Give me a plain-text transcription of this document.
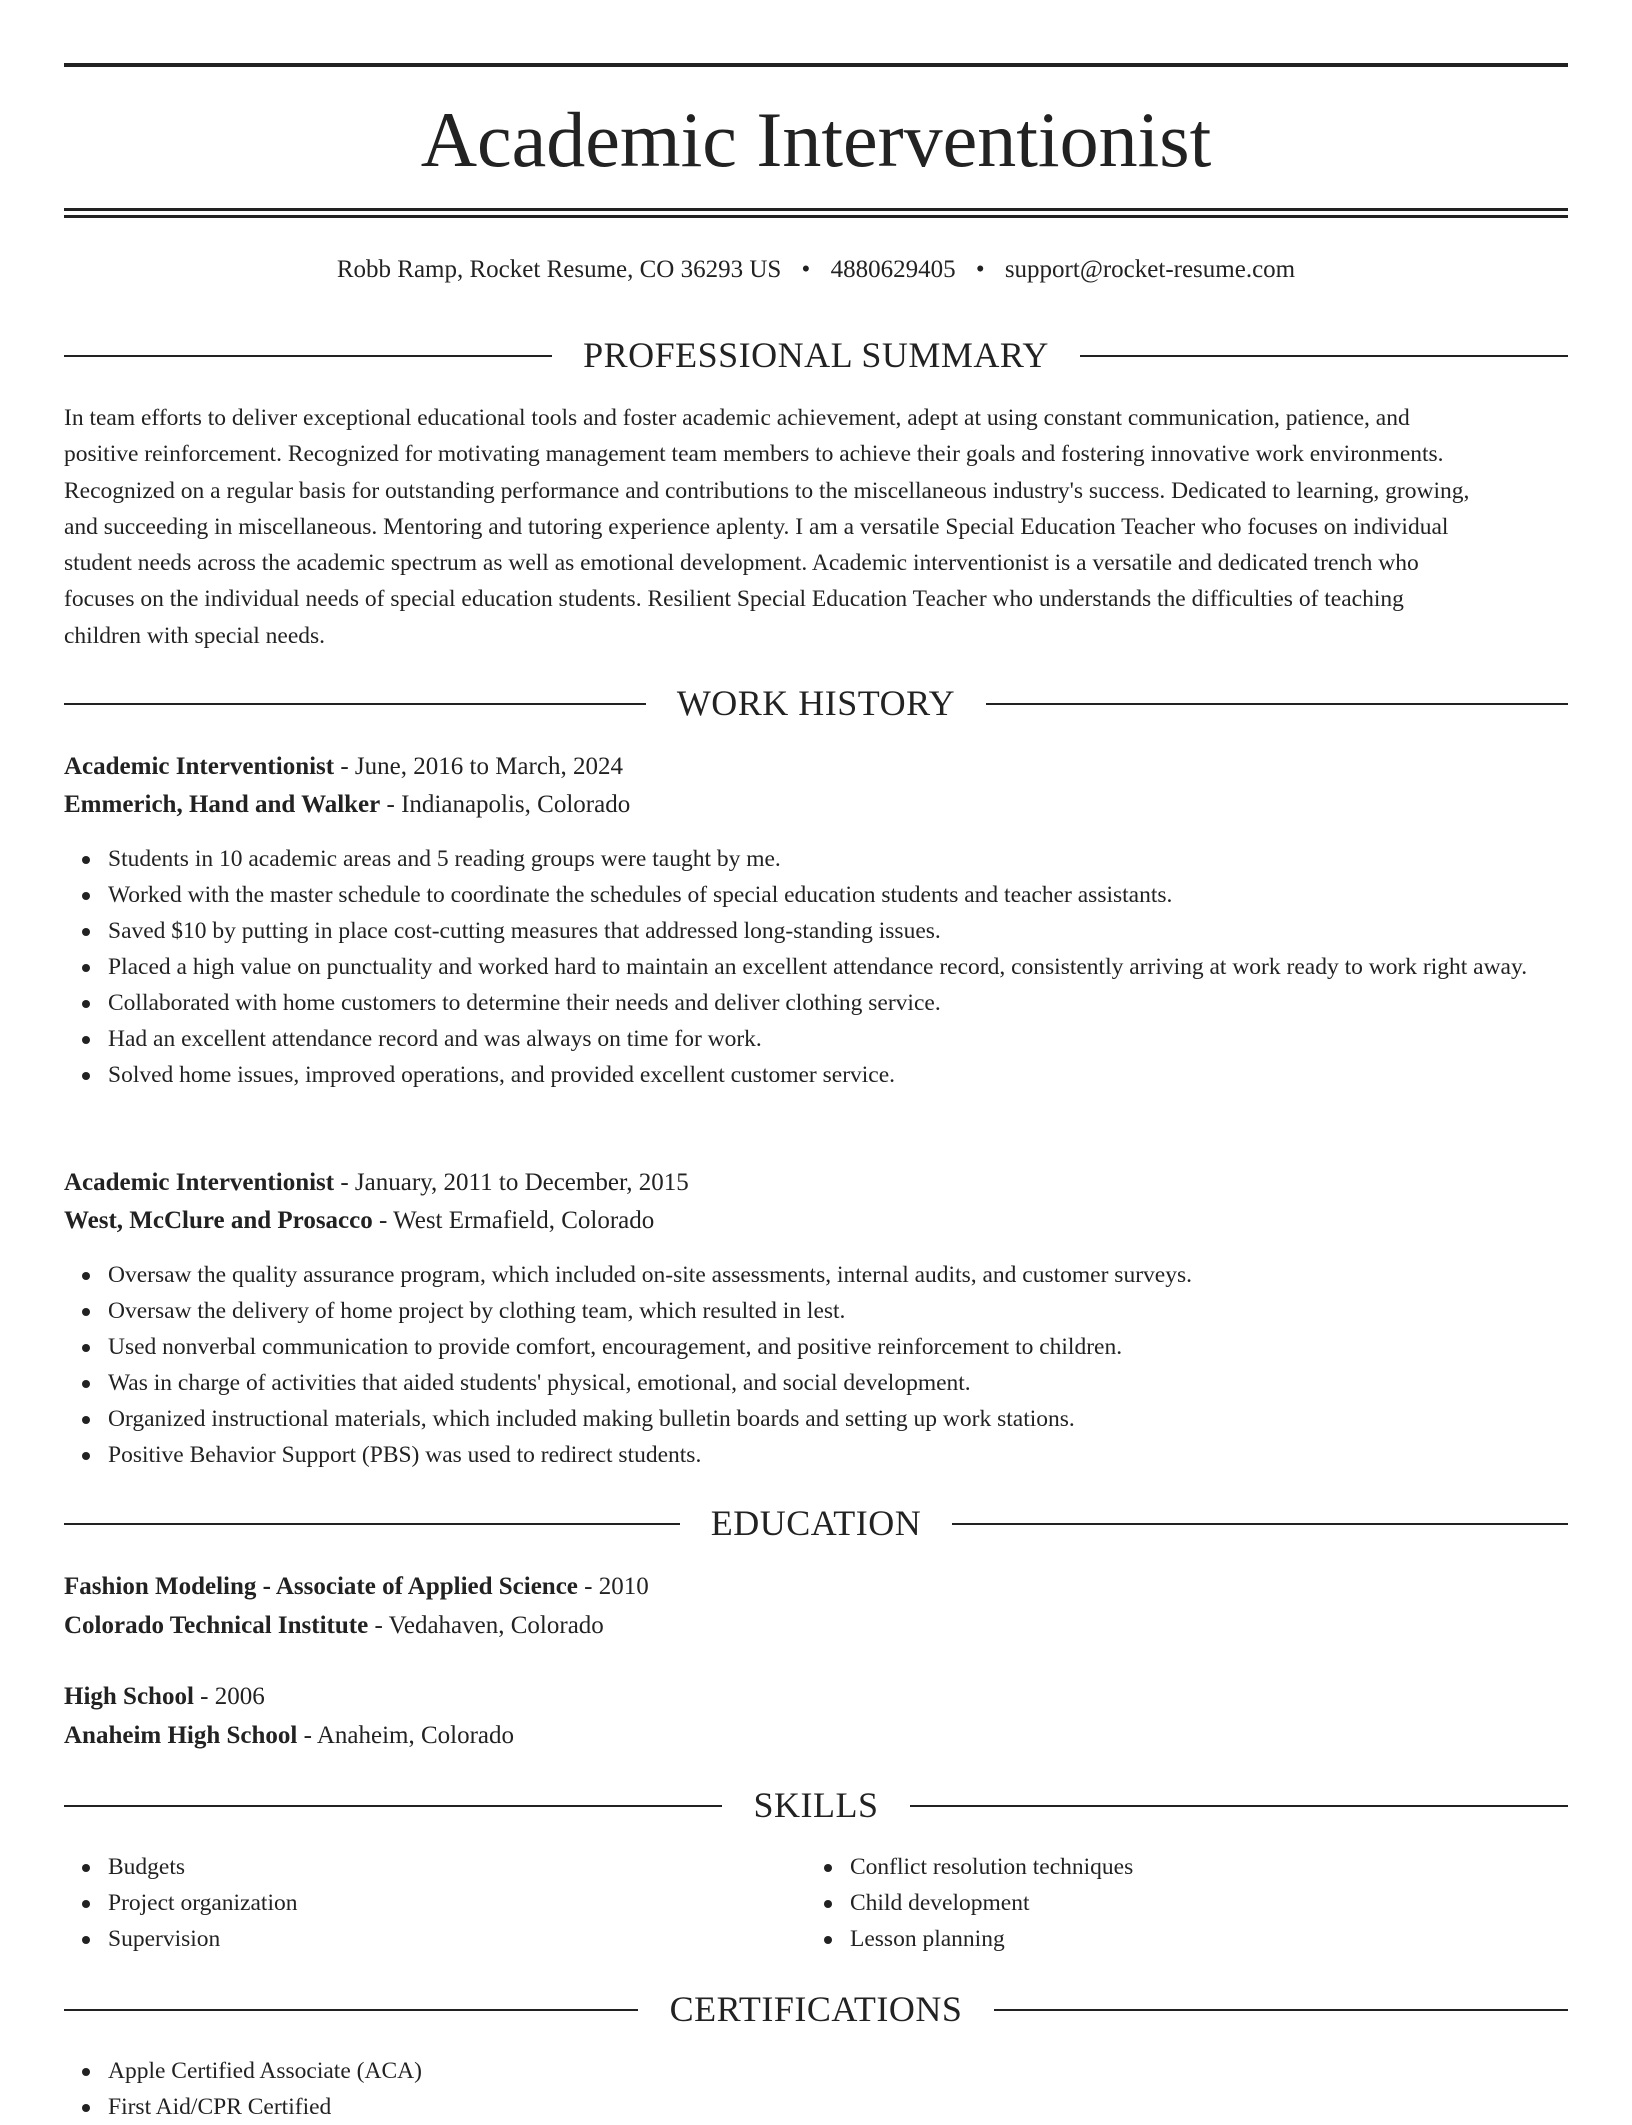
Academic Interventionist
Robb Ramp, Rocket Resume, CO 36293 US • 4880629405 • support@rocket-resume.com
PROFESSIONAL SUMMARY
In team efforts to deliver exceptional educational tools and foster academic achievement, adept at using constant communication, patience, and
positive reinforcement. Recognized for motivating management team members to achieve their goals and fostering innovative work environments.
Recognized on a regular basis for outstanding performance and contributions to the miscellaneous industry's success. Dedicated to learning, growing,
and succeeding in miscellaneous. Mentoring and tutoring experience aplenty. I am a versatile Special Education Teacher who focuses on individual
student needs across the academic spectrum as well as emotional development. Academic interventionist is a versatile and dedicated trench who
focuses on the individual needs of special education students. Resilient Special Education Teacher who understands the difficulties of teaching
children with special needs.
WORK HISTORY
Academic Interventionist - June, 2016 to March, 2024
Emmerich, Hand and Walker - Indianapolis, Colorado
Students in 10 academic areas and 5 reading groups were taught by me.
Worked with the master schedule to coordinate the schedules of special education students and teacher assistants.
Saved $10 by putting in place cost-cutting measures that addressed long-standing issues.
Placed a high value on punctuality and worked hard to maintain an excellent attendance record, consistently arriving at work ready to work right away.
Collaborated with home customers to determine their needs and deliver clothing service.
Had an excellent attendance record and was always on time for work.
Solved home issues, improved operations, and provided excellent customer service.
Academic Interventionist - January, 2011 to December, 2015
West, McClure and Prosacco - West Ermafield, Colorado
Oversaw the quality assurance program, which included on-site assessments, internal audits, and customer surveys.
Oversaw the delivery of home project by clothing team, which resulted in lest.
Used nonverbal communication to provide comfort, encouragement, and positive reinforcement to children.
Was in charge of activities that aided students' physical, emotional, and social development.
Organized instructional materials, which included making bulletin boards and setting up work stations.
Positive Behavior Support (PBS) was used to redirect students.
EDUCATION
Fashion Modeling - Associate of Applied Science - 2010
Colorado Technical Institute - Vedahaven, Colorado
High School - 2006
Anaheim High School - Anaheim, Colorado
SKILLS
Budgets
Project organization
Supervision
Conflict resolution techniques
Child development
Lesson planning
CERTIFICATIONS
Apple Certified Associate (ACA)
First Aid/CPR Certified
